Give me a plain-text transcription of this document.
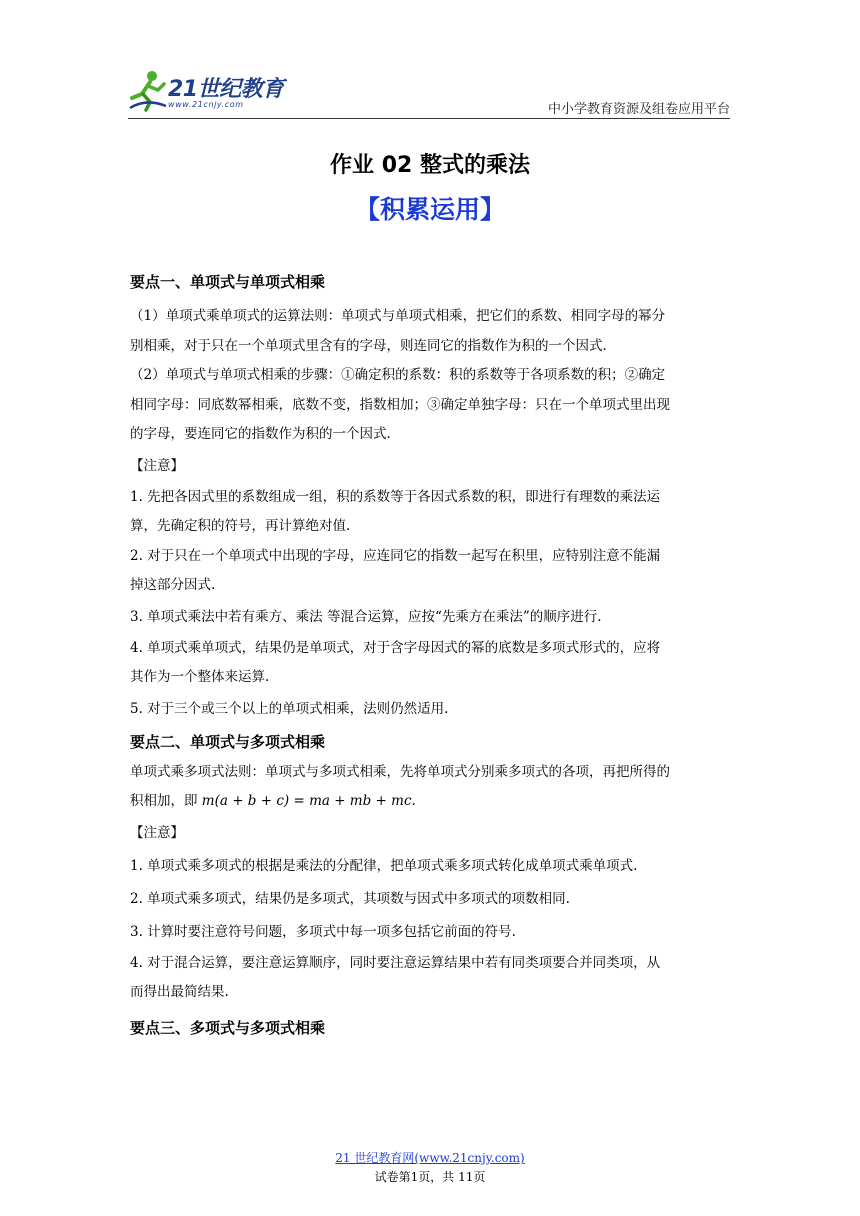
21世纪教育
www.21cnjy.com	中小学教育资源及组卷应用平台
作业 02 整式的乘法
【积累运用】
要点一、单项式与单项式相乘
（1）单项式乘单项式的运算法则：单项式与单项式相乘，把它们的系数、相同字母的幂分
别相乘，对于只在一个单项式里含有的字母，则连同它的指数作为积的一个因式.
（2）单项式与单项式相乘的步骤：①确定积的系数：积的系数等于各项系数的积；②确定
相同字母：同底数幂相乘，底数不变，指数相加；③确定单独字母：只在一个单项式里出现
的字母，要连同它的指数作为积的一个因式.
【注意】
1. 先把各因式里的系数组成一组，积的系数等于各因式系数的积，即进行有理数的乘法运
算，先确定积的符号，再计算绝对值.
2. 对于只在一个单项式中出现的字母，应连同它的指数一起写在积里，应特别注意不能漏
掉这部分因式.
3. 单项式乘法中若有乘方、乘法 等混合运算，应按“先乘方在乘法”的顺序进行.
4. 单项式乘单项式，结果仍是单项式，对于含字母因式的幂的底数是多项式形式的，应将
其作为一个整体来运算.
5. 对于三个或三个以上的单项式相乘，法则仍然适用.
要点二、单项式与多项式相乘
单项式乘多项式法则：单项式与多项式相乘，先将单项式分别乘多项式的各项，再把所得的
积相加，即 m(a + b + c) = ma + mb + mc.
【注意】
1. 单项式乘多项式的根据是乘法的分配律，把单项式乘多项式转化成单项式乘单项式.
2. 单项式乘多项式，结果仍是多项式，其项数与因式中多项式的项数相同.
3. 计算时要注意符号问题，多项式中每一项多包括它前面的符号.
4. 对于混合运算，要注意运算顺序，同时要注意运算结果中若有同类项要合并同类项，从
而得出最简结果.
要点三、多项式与多项式相乘
21 世纪教育网(www.21cnjy.com)
试卷第1页，共 11页
